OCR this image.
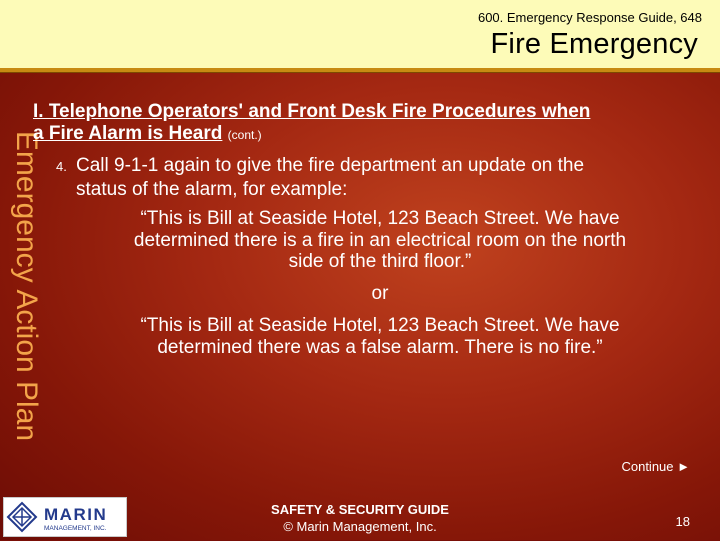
600. Emergency Response Guide, 648
Fire Emergency
Emergency Action Plan
I. Telephone Operators' and Front Desk Fire Procedures when
a Fire Alarm is Heard (cont.)
4. Call 9-1-1 again to give the fire department an update on the
status of the alarm, for example:
“This is Bill at Seaside Hotel, 123 Beach Street. We have
determined there is a fire in an electrical room on the north
side of the third floor.”
or
“This is Bill at Seaside Hotel, 123 Beach Street. We have
determined there was a false alarm. There is no fire.”
Continue ►
MARIN
MANAGEMENT, INC.
SAFETY & SECURITY GUIDE
© Marin Management, Inc.	18
